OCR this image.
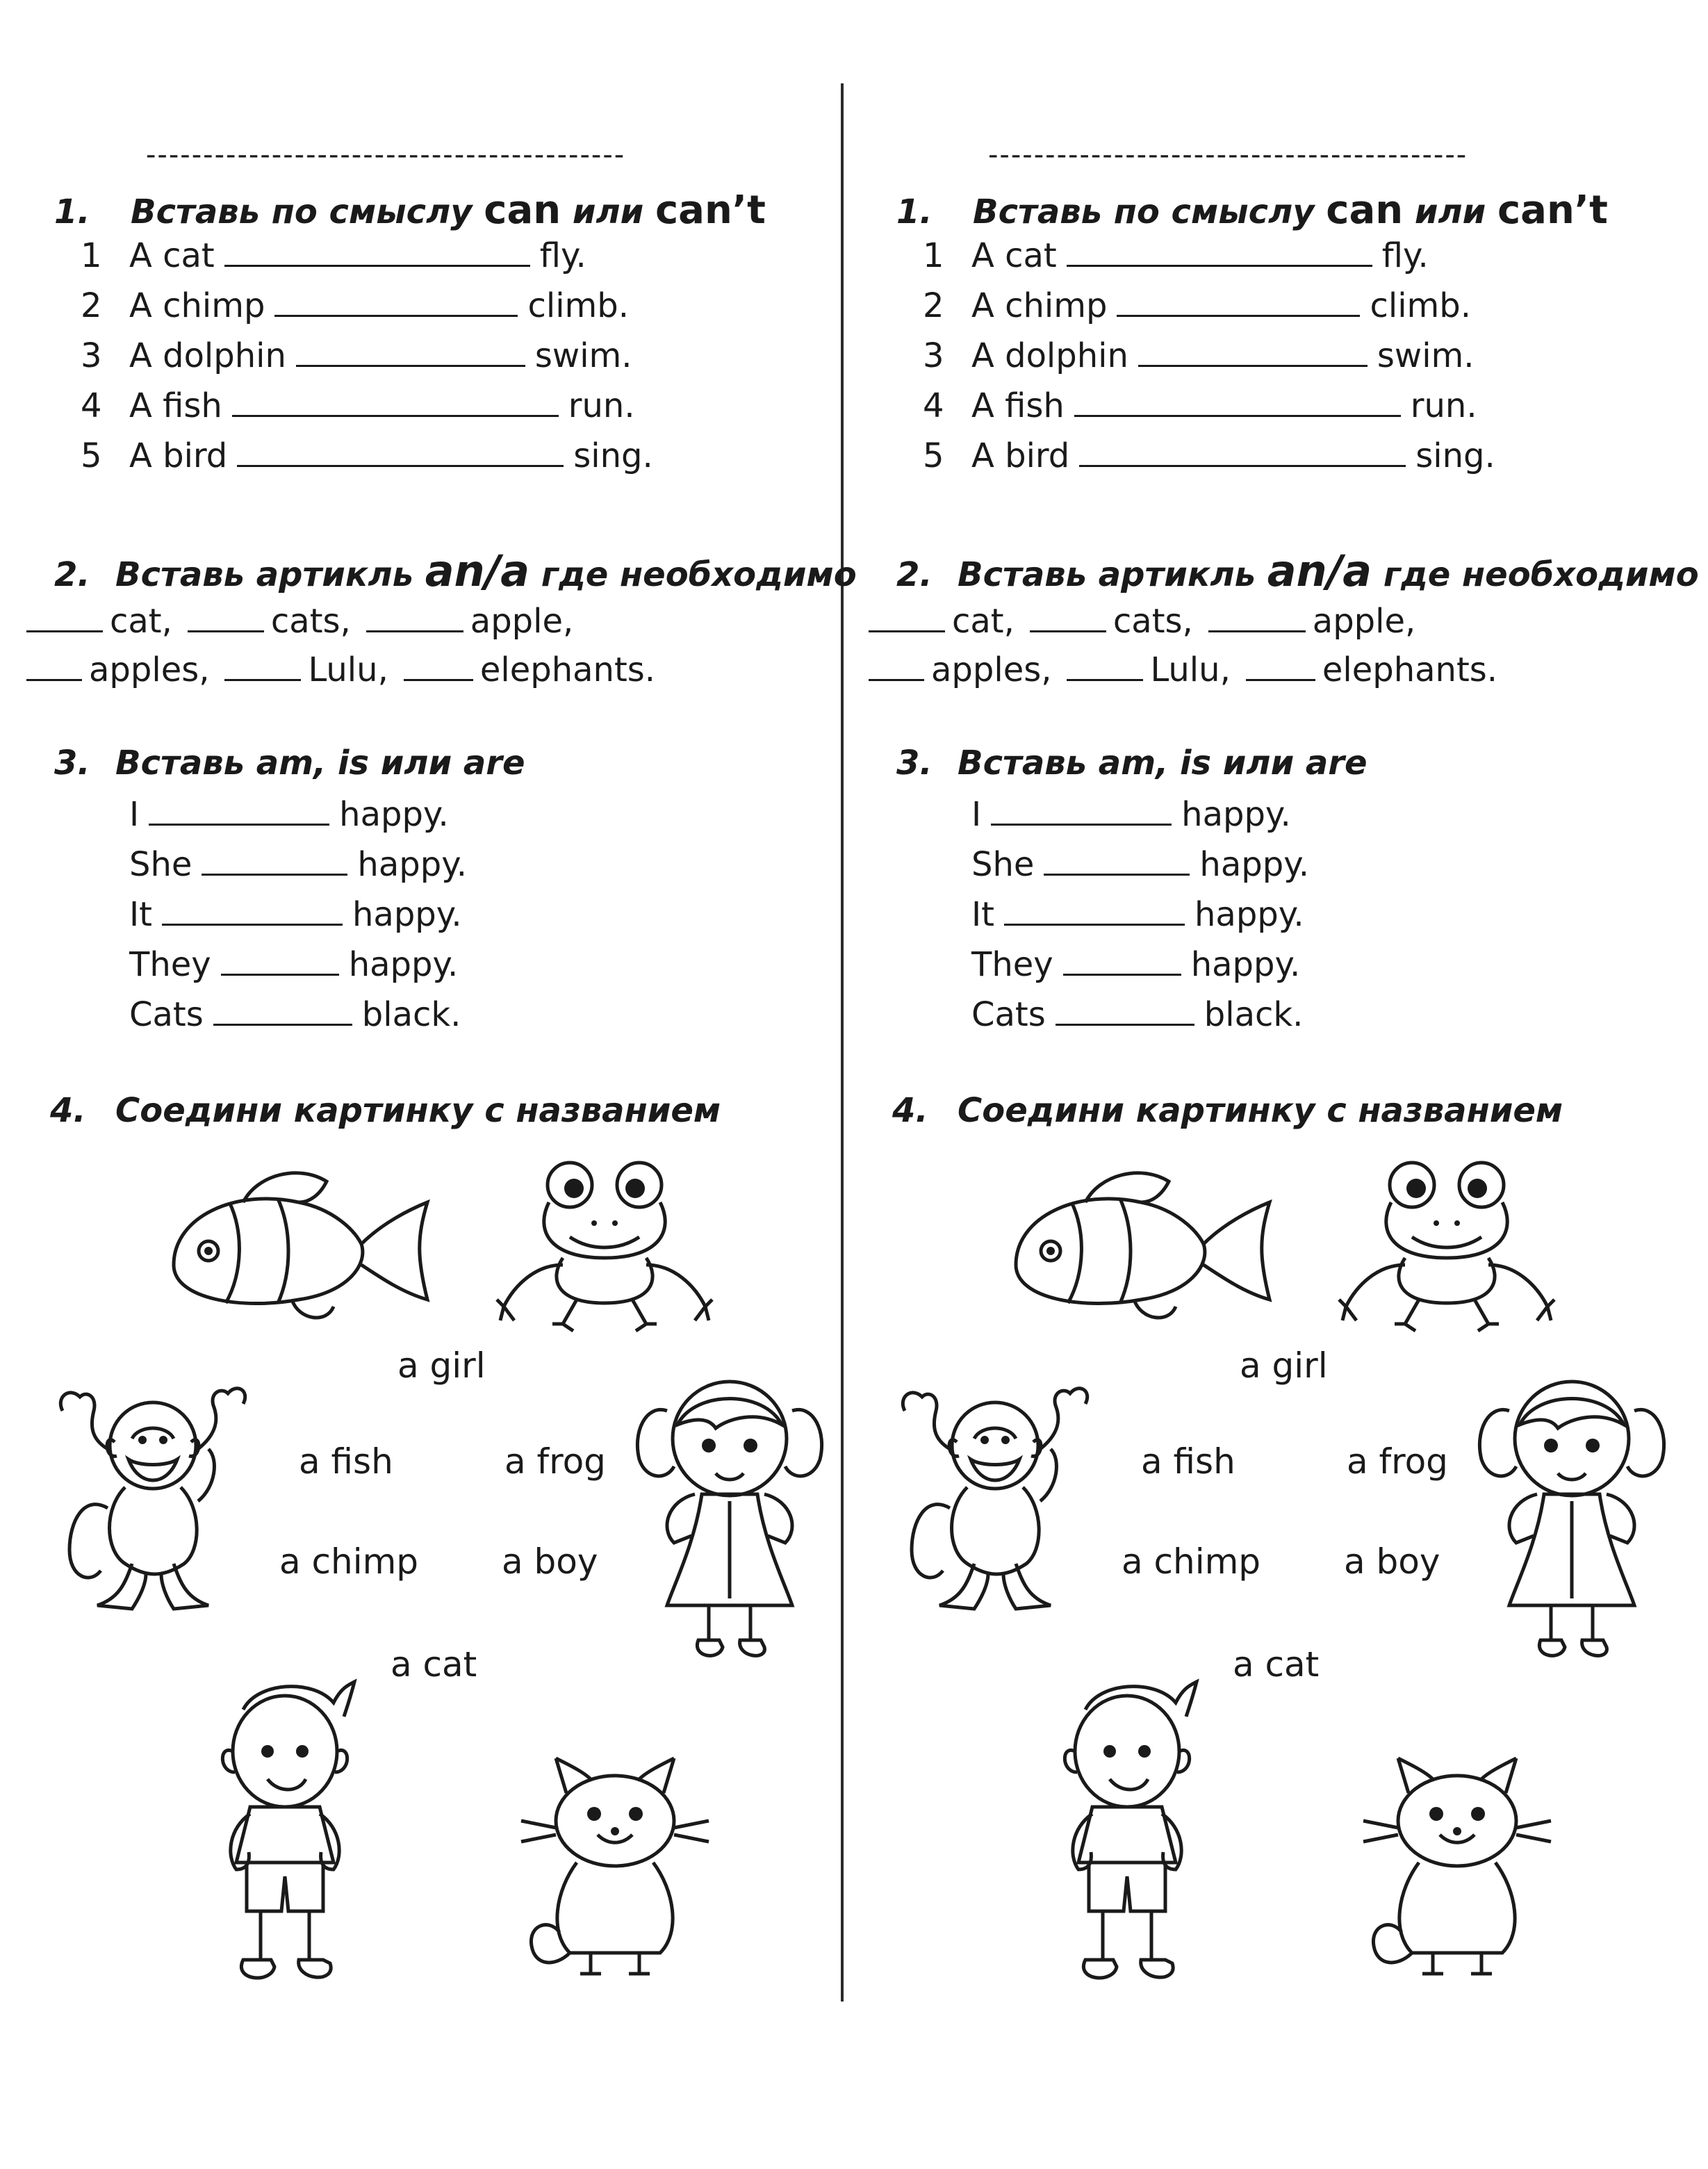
------------------------------------------
1. Вставь по смыслу can или can’t
1 A cat	fly.
2 A chimp	climb.
3 A dolphin	swim.
4 A fish	run.
5 A bird	sing.
2. Вставь артикль an/a где необходимо
cat,	cats,	apple,
apples,	Lulu,	elephants.
3. Вставь am, is или are
I	happy.
She	happy.
It	happy.
They	happy.
Cats	black.
4. Соедини картинку с названием
a girl
a fish	a frog
a chimp a boy
a cat
------------------------------------------
1. Вставь по смыслу can или can’t
1 A cat	fly.
2 A chimp	climb.
3 A dolphin	swim.
4 A fish	run.
5 A bird	sing.
2. Вставь артикль an/a где необходимо
cat,	cats,	apple,
apples,	Lulu,	elephants.
3. Вставь am, is или are
I	happy.
She	happy.
It	happy.
They	happy.
Cats	black.
4. Соедини картинку с названием
a girl
a fish	a frog
a chimp a boy
a cat
